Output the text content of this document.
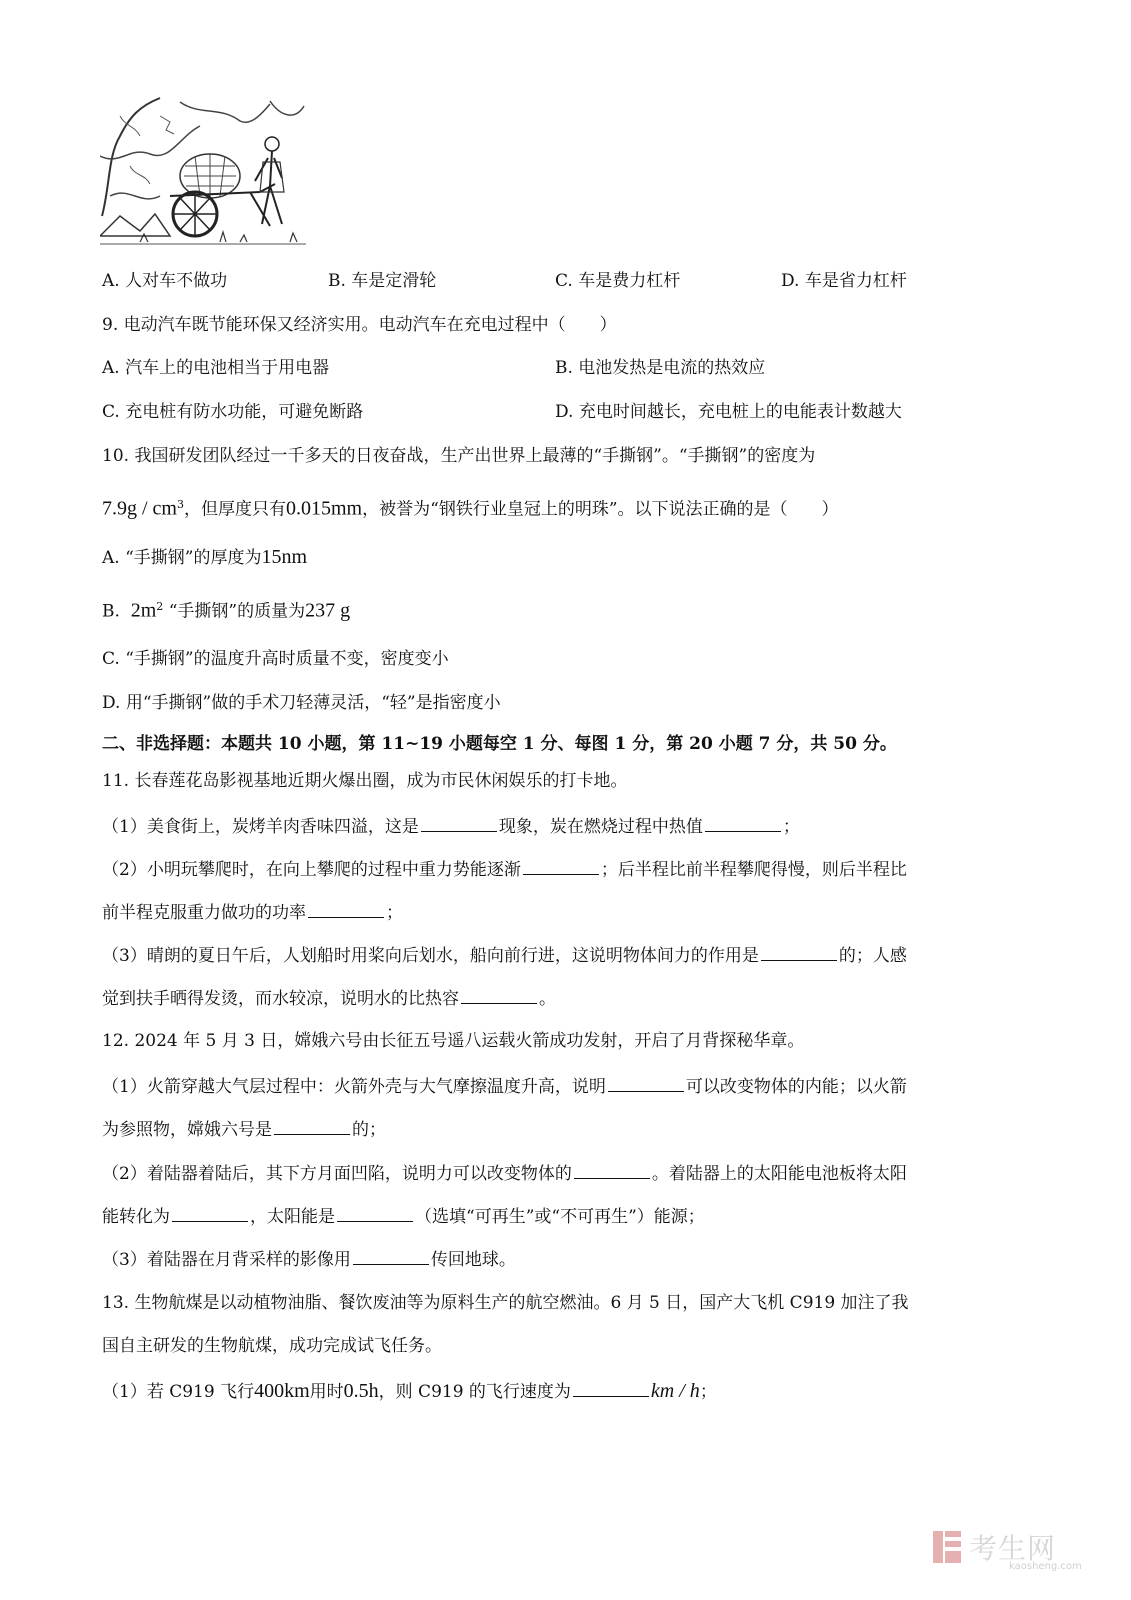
A. 人对车不做功	B. 车是定滑轮	C. 车是费力杠杆	D. 车是省力杠杆
9. 电动汽车既节能环保又经济实用。电动汽车在充电过程中（　　）
A. 汽车上的电池相当于用电器	B. 电池发热是电流的热效应
C. 充电桩有防水功能，可避免断路	D. 充电时间越长，充电桩上的电能表计数越大
10. 我国研发团队经过一千多天的日夜奋战，生产出世界上最薄的“手撕钢”。“手撕钢”的密度为
$7.9g / cm^3$，但厚度只有0.015mm，被誉为“钢铁行业皇冠上的明珠”。以下说法正确的是（　　）
A. “手撕钢”的厚度为15nm
B. $2m^2$ “手撕钢”的质量为237 g
C. “手撕钢”的温度升高时质量不变，密度变小
D. 用“手撕钢”做的手术刀轻薄灵活，“轻”是指密度小
二、非选择题：本题共 10 小题，第 11~19 小题每空 1 分、每图 1 分，第 20 小题 7 分，共 50 分。
11. 长春莲花岛影视基地近期火爆出圈，成为市民休闲娱乐的打卡地。
（1）美食街上，炭烤羊肉香味四溢，这是	现象，炭在燃烧过程中热值	；
（2）小明玩攀爬时，在向上攀爬的过程中重力势能逐渐	；后半程比前半程攀爬得慢，则后半程比
前半程克服重力做功的功率	；
（3）晴朗的夏日午后，人划船时用桨向后划水，船向前行进，这说明物体间力的作用是	的；人感
觉到扶手晒得发烫，而水较凉，说明水的比热容	。
12. 2024 年 5 月 3 日，嫦娥六号由长征五号遥八运载火箭成功发射，开启了月背探秘华章。
（1）火箭穿越大气层过程中：火箭外壳与大气摩擦温度升高，说明	可以改变物体的内能；以火箭
为参照物，嫦娥六号是	的；
（2）着陆器着陆后，其下方月面凹陷，说明力可以改变物体的	。着陆器上的太阳能电池板将太阳
能转化为	，太阳能是	（选填“可再生”或“不可再生”）能源；
（3）着陆器在月背采样的影像用	传回地球。
13. 生物航煤是以动植物油脂、餐饮废油等为原料生产的航空燃油。6 月 5 日，国产大飞机 C919 加注了我
国自主研发的生物航煤，成功完成试飞任务。
（1）若 C919 飞行400km用时0.5h，则 C919 的飞行速度为	km / h；
考生网
kaosheng.com
